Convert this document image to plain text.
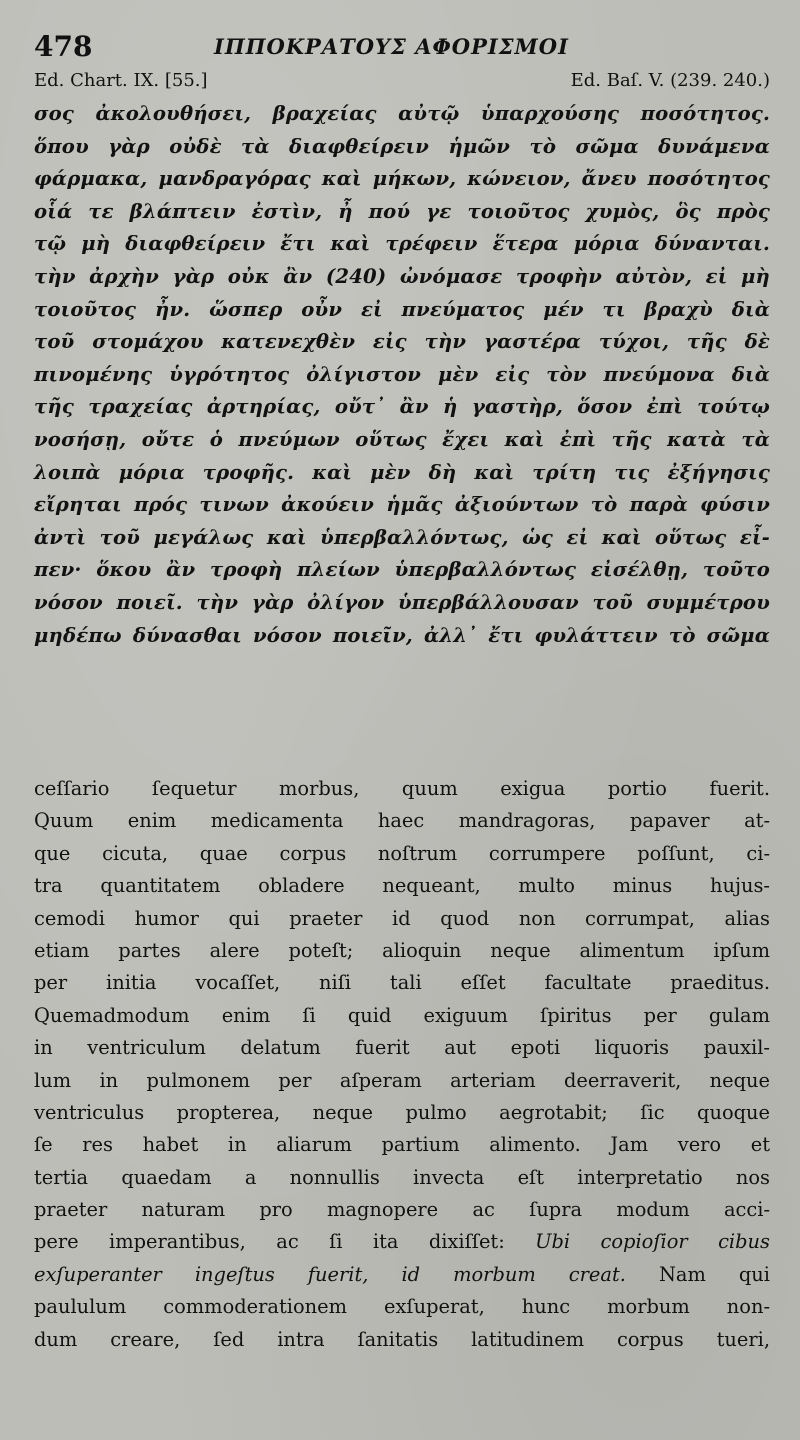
478	ΙΠΠΟΚΡΑΤΟΥΣ ΑΦΟΡΙΣΜΟΙ
Ed. Chart. IX. [55.]	Ed. Baſ. V. (239. 240.)
σος ἀκολουθήσει, βραχείας αὐτῷ ὑπαρχούσης ποσότητος.
ὅπου γὰρ οὐδὲ τὰ διαφθείρειν ἡμῶν τὸ σῶμα δυνάμενα
φάρμακα, μανδραγόρας καὶ μήκων, κώνειον, ἄνευ ποσότητος
οἷά τε βλάπτειν ἐστὶν, ἦ πού γε τοιοῦτος χυμὸς, ὃς πρὸς
τῷ μὴ διαφθείρειν ἔτι καὶ τρέφειν ἕτερα μόρια δύνανται.
τὴν ἀρχὴν γὰρ οὐκ ἂν (240) ὠνόμασε τροφὴν αὐτὸν, εἰ μὴ
τοιοῦτος ἦν. ὥσπερ οὖν εἰ πνεύματος μέν τι βραχὺ διὰ
τοῦ στομάχου κατενεχθὲν εἰς τὴν γαστέρα τύχοι, τῆς δὲ
πινομένης ὑγρότητος ὀλίγιστον μὲν εἰς τὸν πνεύμονα διὰ
τῆς τραχείας ἀρτηρίας, οὔτ᾽ ἂν ἡ γαστὴρ, ὅσον ἐπὶ τούτῳ
νοσήσῃ, οὔτε ὁ πνεύμων οὕτως ἔχει καὶ ἐπὶ τῆς κατὰ τὰ
λοιπὰ μόρια τροφῆς. καὶ μὲν δὴ καὶ τρίτη τις ἐξήγησις
εἴρηται πρός τινων ἀκούειν ἡμᾶς ἀξιούντων τὸ παρὰ φύσιν
ἀντὶ τοῦ μεγάλως καὶ ὑπερβαλλόντως, ὡς εἰ καὶ οὕτως εἶ-
πεν· ὅκου ἂν τροφὴ πλείων ὑπερβαλλόντως εἰσέλθῃ, τοῦτο
νόσον ποιεῖ. τὴν γὰρ ὀλίγον ὑπερβάλλουσαν τοῦ συμμέτρου
μηδέπω δύνασθαι νόσον ποιεῖν, ἀλλ᾽ ἔτι φυλάττειν τὸ σῶμα
ceſſario ſequetur morbus, quum exigua portio fuerit.
Quum enim medicamenta haec mandragoras, papaver at-
que cicuta, quae corpus noſtrum corrumpere poſſunt, ci-
tra quantitatem obladere nequeant, multo minus hujus-
cemodi humor qui praeter id quod non corrumpat, alias
etiam partes alere poteſt; alioquin neque alimentum ipſum
per initia vocaſſet, niſi tali eſſet facultate praeditus.
Quemadmodum enim ſi quid exiguum ſpiritus per gulam
in ventriculum delatum fuerit aut epoti liquoris pauxil-
lum in pulmonem per aſperam arteriam deerraverit, neque
ventriculus propterea, neque pulmo aegrotabit; ſic quoque
ſe res habet in aliarum partium alimento. Jam vero et
tertia quaedam a nonnullis invecta eſt interpretatio nos
praeter naturam pro magnopere ac ſupra modum acci-
pere imperantibus, ac ſi ita dixiſſet: Ubi copioſior cibus
exſuperanter ingeſtus fuerit, id morbum creat. Nam qui
paululum commoderationem exſuperat, hunc morbum non-
dum creare, ſed intra ſanitatis latitudinem corpus tueri,
